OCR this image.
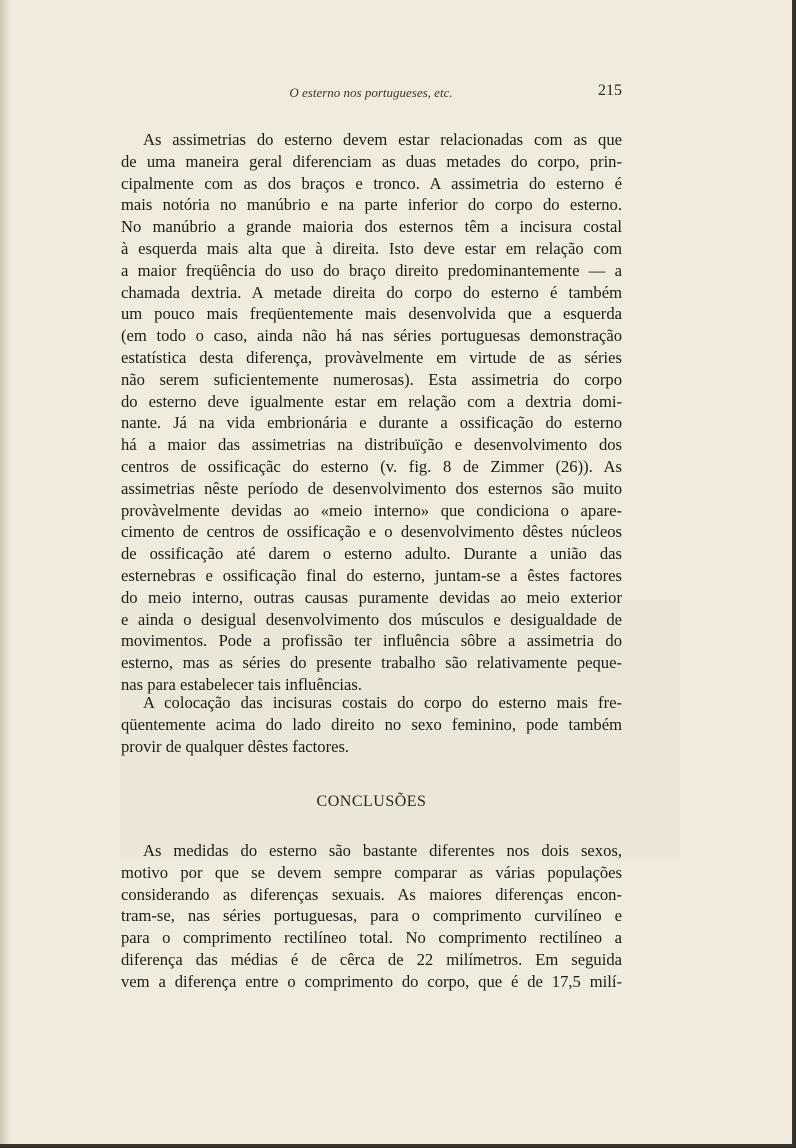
O esterno nos portugueses, etc.	215
As assimetrias do esterno devem estar relacionadas com as que
de uma maneira geral diferenciam as duas metades do corpo, prin-
cipalmente com as dos braços e tronco. A assimetria do esterno é
mais notória no manúbrio e na parte inferior do corpo do esterno.
No manúbrio a grande maioria dos esternos têm a incisura costal
à esquerda mais alta que à direita. Isto deve estar em relação com
a maior freqüência do uso do braço direito predominantemente — a
chamada dextria. A metade direita do corpo do esterno é também
um pouco mais freqüentemente mais desenvolvida que a esquerda
(em todo o caso, ainda não há nas séries portuguesas demonstração
estatística desta diferença, provàvelmente em virtude de as séries
não serem suficientemente numerosas). Esta assimetria do corpo
do esterno deve igualmente estar em relação com a dextria domi-
nante. Já na vida embrionária e durante a ossificação do esterno
há a maior das assimetrias na distribuïção e desenvolvimento dos
centros de ossificaçãc do esterno (v. fig. 8 de Zimmer (26)). As
assimetrias nêste período de desenvolvimento dos esternos são muito
provàvelmente devidas ao «meio interno» que condiciona o apare-
cimento de centros de ossificação e o desenvolvimento dêstes núcleos
de ossificação até darem o esterno adulto. Durante a união das
esternebras e ossificação final do esterno, juntam-se a êstes factores
do meio interno, outras causas puramente devidas ao meio exterior
e ainda o desigual desenvolvimento dos músculos e desigualdade de
movimentos. Pode a profissão ter influência sôbre a assimetria do
esterno, mas as séries do presente trabalho são relativamente peque-
nas para estabelecer tais influências.
A colocação das incisuras costais do corpo do esterno mais fre-
qüentemente acima do lado direito no sexo feminino, pode também
provir de qualquer dêstes factores.
CONCLUSÕES
As medidas do esterno são bastante diferentes nos dois sexos,
motivo por que se devem sempre comparar as várias populações
considerando as diferenças sexuais. As maiores diferenças encon-
tram-se, nas séries portuguesas, para o comprimento curvilíneo e
para o comprimento rectilíneo total. No comprimento rectilíneo a
diferença das médias é de cêrca de 22 milímetros. Em seguida
vem a diferença entre o comprimento do corpo, que é de 17,5 milí-
